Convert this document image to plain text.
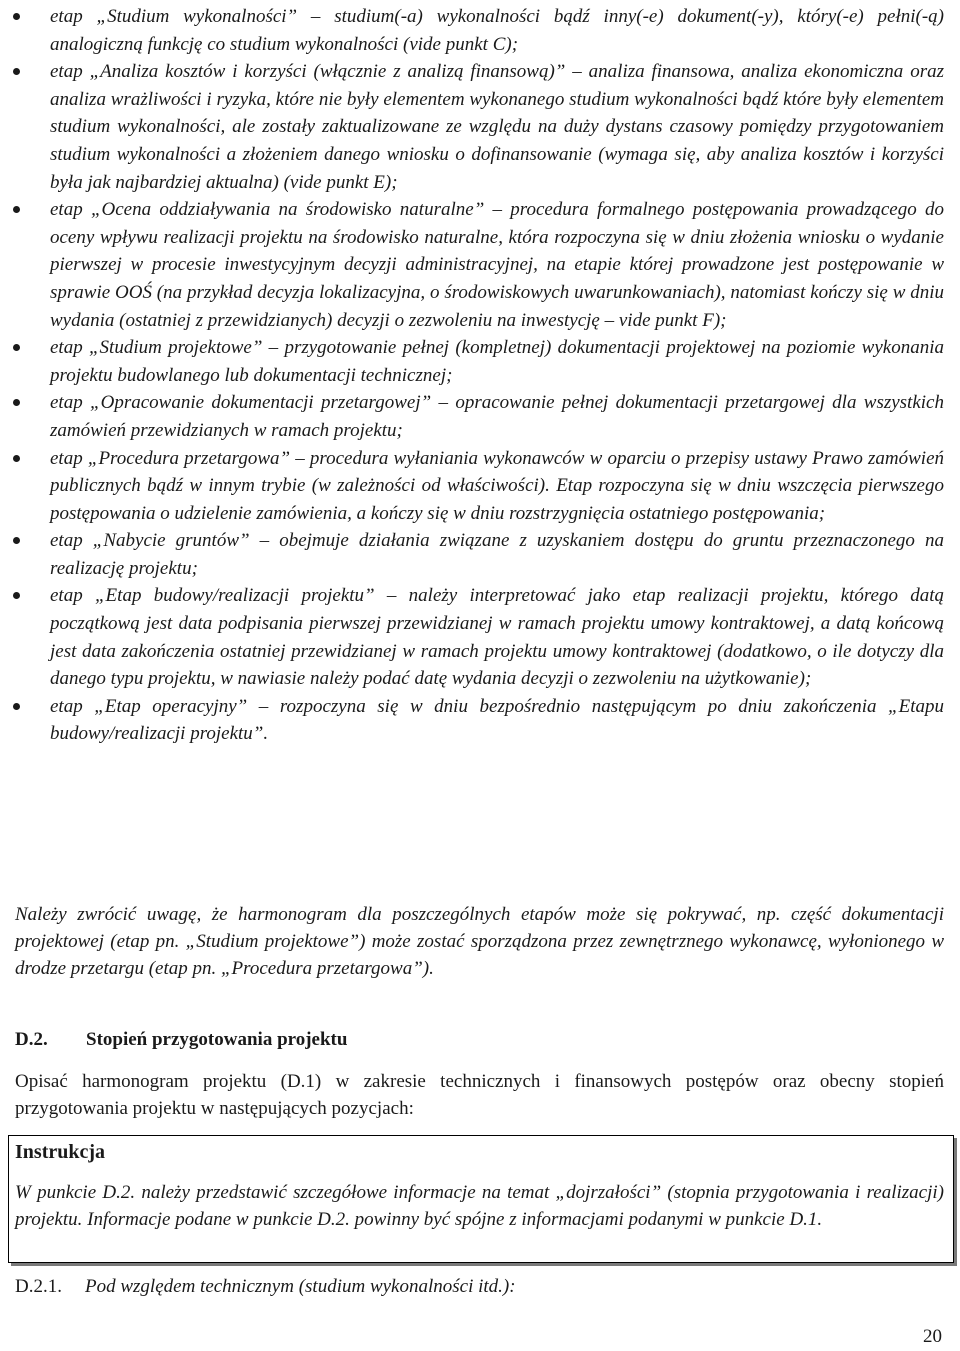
etap „Studium wykonalności” – studium(-a) wykonalności bądź inny(-e) dokument(-y), który(-e) pełni(-ą) analogiczną funkcję co studium wykonalności (vide punkt C);
etap „Analiza kosztów i korzyści (włącznie z analizą finansową)” – analiza finansowa, analiza ekonomiczna oraz analiza wrażliwości i ryzyka, które nie były elementem wykonanego studium wykonalności bądź które były elementem studium wykonalności, ale zostały zaktualizowane ze względu na duży dystans czasowy pomiędzy przygotowaniem studium wykonalności a złożeniem danego wniosku o dofinansowanie (wymaga się, aby analiza kosztów i korzyści była jak najbardziej aktualna) (vide punkt E);
etap „Ocena oddziaływania na środowisko naturalne” – procedura formalnego postępowania prowadzącego do oceny wpływu realizacji projektu na środowisko naturalne, która rozpoczyna się w dniu złożenia wniosku o wydanie pierwszej w procesie inwestycyjnym decyzji administracyjnej, na etapie której prowadzone jest postępowanie w sprawie OOŚ (na przykład decyzja lokalizacyjna, o środowiskowych uwarunkowaniach), natomiast kończy się w dniu wydania (ostatniej z przewidzianych) decyzji o zezwoleniu na inwestycję – vide punkt F);
etap „Studium projektowe” – przygotowanie pełnej (kompletnej) dokumentacji projektowej na poziomie wykonania projektu budowlanego lub dokumentacji technicznej;
etap „Opracowanie dokumentacji przetargowej” – opracowanie pełnej dokumentacji przetargowej dla wszystkich zamówień przewidzianych w ramach projektu;
etap „Procedura przetargowa” – procedura wyłaniania wykonawców w oparciu o przepisy ustawy Prawo zamówień publicznych bądź w innym trybie (w zależności od właściwości). Etap rozpoczyna się w dniu wszczęcia pierwszego postępowania o udzielenie zamówienia, a kończy się w dniu rozstrzygnięcia ostatniego postępowania;
etap „Nabycie gruntów” – obejmuje działania związane z uzyskaniem dostępu do gruntu przeznaczonego na realizację projektu;
etap „Etap budowy/realizacji projektu” – należy interpretować jako etap realizacji projektu, którego datą początkową jest data podpisania pierwszej przewidzianej w ramach projektu umowy kontraktowej, a datą końcową jest data zakończenia ostatniej przewidzianej w ramach projektu umowy kontraktowej (dodatkowo, o ile dotyczy dla danego typu projektu, w nawiasie należy podać datę wydania decyzji o zezwoleniu na użytkowanie);
etap „Etap operacyjny” – rozpoczyna się w dniu bezpośrednio następującym po dniu zakończenia „Etapu budowy/realizacji projektu”.
Należy zwrócić uwagę, że harmonogram dla poszczególnych etapów może się pokrywać, np. część dokumentacji projektowej (etap pn. „Studium projektowe”) może zostać sporządzona przez zewnętrznego wykonawcę, wyłonionego w drodze przetargu (etap pn. „Procedura przetargowa”).
D.2. Stopień przygotowania projektu
Opisać harmonogram projektu (D.1) w zakresie technicznych i finansowych postępów oraz obecny stopień przygotowania projektu w następujących pozycjach:
Instrukcja
W punkcie D.2. należy przedstawić szczegółowe informacje na temat „dojrzałości” (stopnia przygotowania i realizacji) projektu. Informacje podane w punkcie D.2. powinny być spójne z informacjami podanymi w punkcie D.1.
D.2.1. Pod względem technicznym (studium wykonalności itd.):
20
